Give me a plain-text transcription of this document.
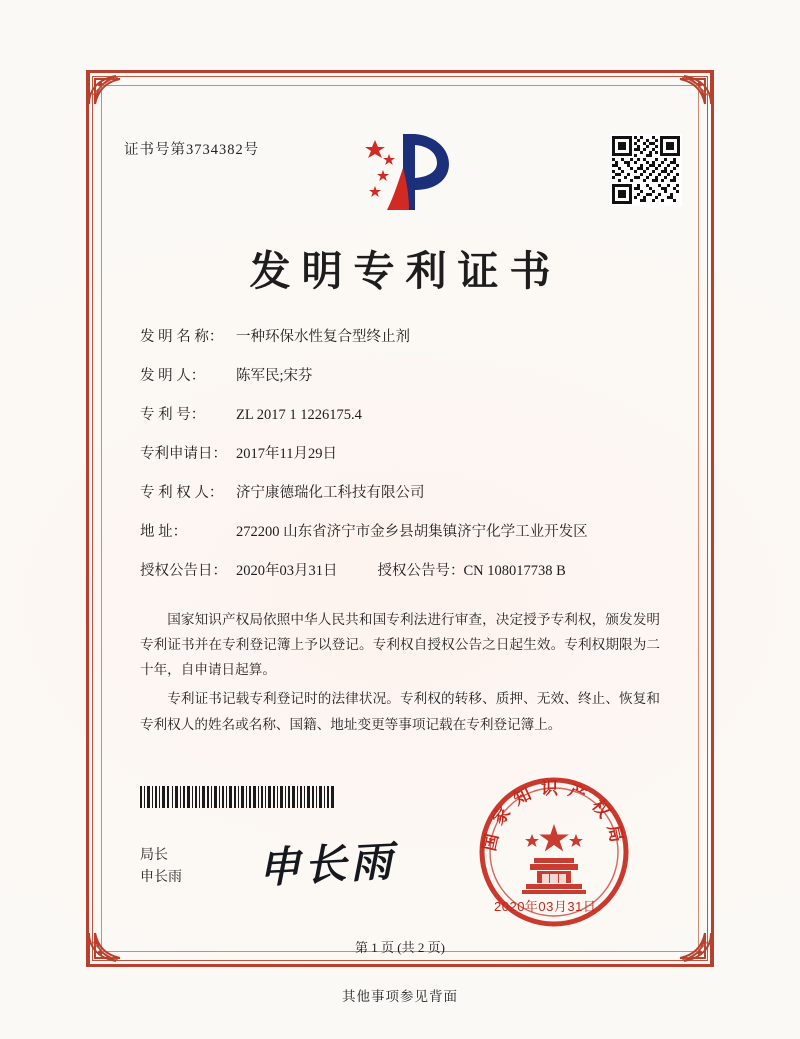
证书号第3734382号
发明专利证书
发 明 名 称： 一种环保水性复合型终止剂
发 明 人：	陈军民;宋芬
专 利 号：	ZL 2017 1 1226175.4
专利申请日： 2017年11月29日
专 利 权 人： 济宁康德瑞化工科技有限公司
地 址：	272200 山东省济宁市金乡县胡集镇济宁化学工业开发区
授权公告日： 2020年03月31日	授权公告号： CN 108017738 B

国家知识产权局依照中华人民共和国专利法进行审查，决定授予专利权，颁发发明专利证书并在专利登记簿上予以登记。专利权自授权公告之日起生效。专利权期限为二十年，自申请日起算。

专利证书记载专利登记时的法律状况。专利权的转移、质押、无效、终止、恢复和专利权人的姓名或名称、国籍、地址变更等事项记载在专利登记簿上。

局长
申长雨 申长雨
国家知识产权局
2020年03月31日
第 1 页 (共 2 页)
其他事项参见背面
